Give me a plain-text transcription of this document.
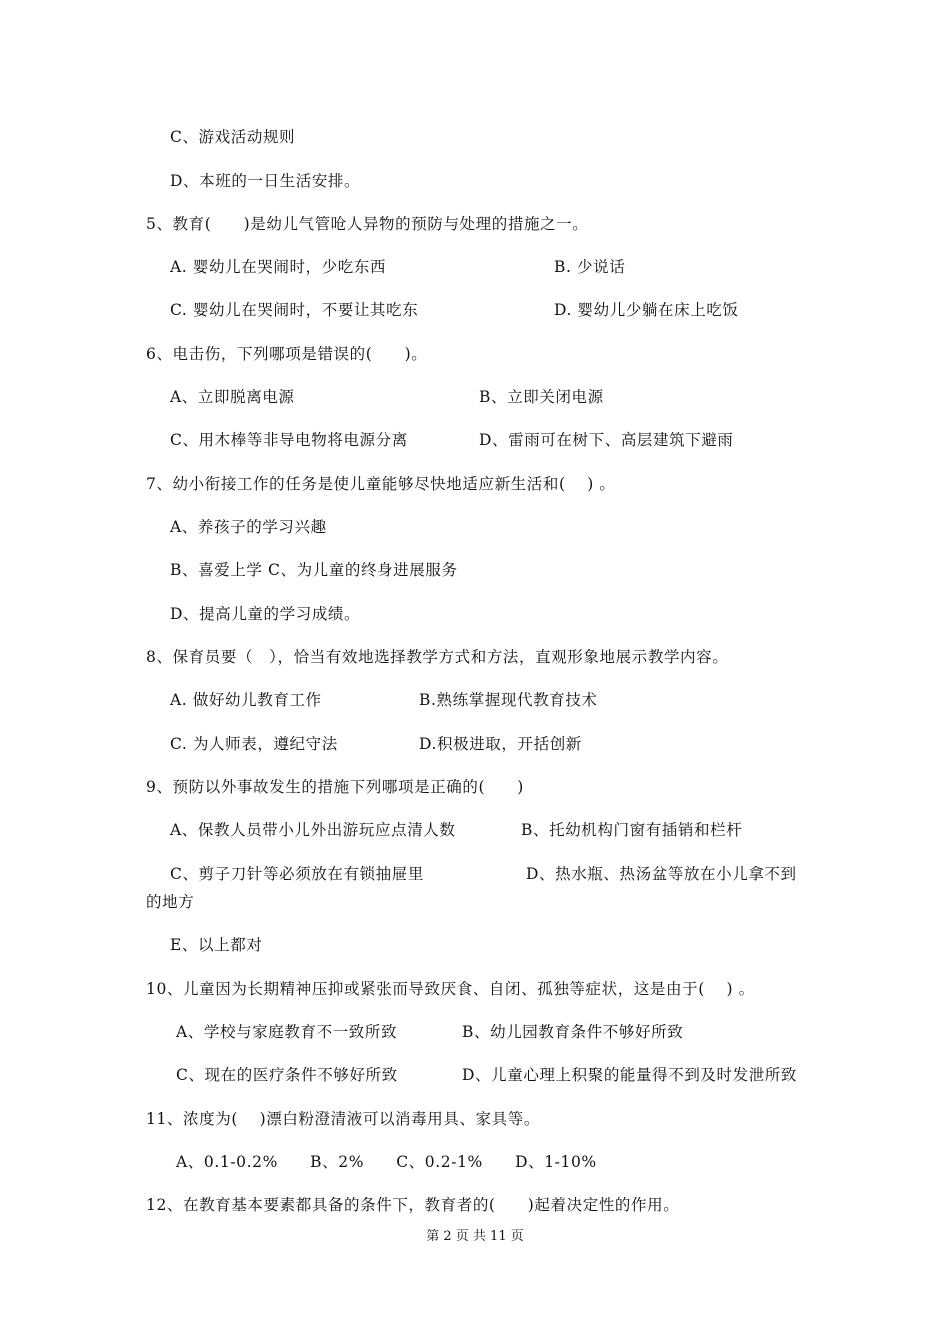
C、游戏活动规则
D、本班的一日生活安排。
5、教育(　　)是幼儿气管呛人异物的预防与处理的措施之一。
A. 婴幼儿在哭闹时，少吃东西	B. 少说话
C. 婴幼儿在哭闹时，不要让其吃东	D. 婴幼儿少躺在床上吃饭
6、电击伤，下列哪项是错误的(　　)。
A、立即脱离电源	B、立即关闭电源
C、用木棒等非导电物将电源分离	D、雷雨可在树下、高层建筑下避雨
7、幼小衔接工作的任务是使儿童能够尽快地适应新生活和(　 ) 。
A、养孩子的学习兴趣
B、喜爱上学 C、为儿童的终身进展服务
D、提高儿童的学习成绩。
8、保育员要（　），恰当有效地选择教学方式和方法，直观形象地展示教学内容。
A. 做好幼儿教育工作	B.熟练掌握现代教育技术
C. 为人师表，遵纪守法	D.积极进取，开括创新
9、预防以外事故发生的措施下列哪项是正确的(　　)
A、保教人员带小儿外出游玩应点清人数	B、托幼机构门窗有插销和栏杆
C、剪子刀针等必须放在有锁抽屉里	D、热水瓶、热汤盆等放在小儿拿不到
的地方
E、以上都对
10、儿童因为长期精神压抑或紧张而导致厌食、自闭、孤独等症状，这是由于(　 ) 。
A、学校与家庭教育不一致所致	B、幼儿园教育条件不够好所致
C、现在的医疗条件不够好所致	D、儿童心理上积聚的能量得不到及时发泄所致
11、浓度为(　 )漂白粉澄清液可以消毒用具、家具等。
A、0.1-0.2%　　B、2%　　C、0.2-1%　　D、1-10%
12、在教育基本要素都具备的条件下，教育者的(　　)起着决定性的作用。
第 2 页 共 11 页
